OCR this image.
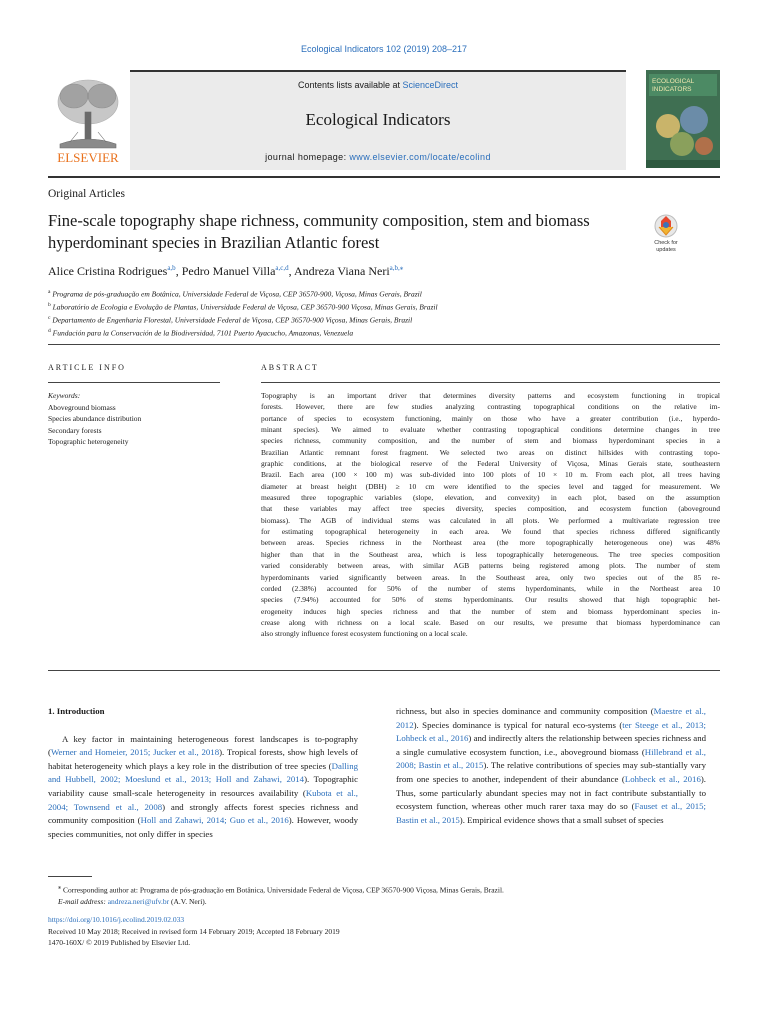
Ecological Indicators 102 (2019) 208–217
ELSEVIER
Contents lists available at ScienceDirect
Ecological Indicators
journal homepage: www.elsevier.com/locate/ecolind
ECOLOGICAL
INDICATORS
Original Articles
Fine-scale topography shape richness, community composition, stem and biomass hyperdominant species in Brazilian Atlantic forest	Check for
updates
Alice Cristina Rodrigues$^{a,b}$, Pedro Manuel Villa$^{a,c,d}$, Andreza Viana Neri$^{a,b,⁎}$
$^a$ Programa de pós-graduação em Botânica, Universidade Federal de Viçosa, CEP 36570-900, Viçosa, Minas Gerais, Brazil
$^b$ Laboratório de Ecologia e Evolução de Plantas, Universidade Federal de Viçosa, CEP 36570-900 Viçosa, Minas Gerais, Brazil
$^c$ Departamento de Engenharia Florestal, Universidade Federal de Viçosa, CEP 36570-900 Viçosa, Minas Gerais, Brazil
$^d$ Fundación para la Conservación de la Biodiversidad, 7101 Puerto Ayacucho, Amazonas, Venezuela
ARTICLE INFO
Keywords:
Aboveground biomass
Species abundance distribution
Secondary forests
Topographic heterogeneity
ABSTRACT
Topography is an important driver that determines diversity patterns and ecosystem functioning in tropical
forests. However, there are few studies analyzing contrasting topographical conditions on the relative im-
portance of species to ecosystem functioning, mainly on those who have a greater contribution (i.e., hyperdo-
minant species). We aimed to evaluate whether contrasting topographical conditions determine changes in tree
species richness, community composition, and the number of stem and biomass hyperdominant species in a
Brazilian Atlantic remnant forest fragment. We selected two areas on distinct hillsides with contrasting topo-
graphic conditions, at the biological reserve of the Federal University of Viçosa, Minas Gerais state, southeastern
Brazil. Each area (100 × 100 m) was sub-divided into 100 plots of 10 × 10 m. From each plot, all trees having
diameter at breast height (DBH) ≥ 10 cm were identified to the species level and tagged for measurement. We
measured three topographic variables (slope, elevation, and convexity) in each plot, based on the assumption
that these variables may affect tree species diversity, species composition, and ecosystem function (aboveground
biomass). The AGB of individual stems was calculated in all plots. We performed a multivariate regression tree
for estimating topographical heterogeneity in each area. We found that species richness differed significantly
between areas. Species richness in the Northeast area (the more topographically heterogeneous one) was 48%
higher than that in the Southeast area, which is less topographically heterogeneous. The tree species composition
varied considerably between areas, with similar AGB patterns being registered among plots. The number of stem
hyperdominants varied significantly between areas. In the Southeast area, only two species out of the 85 re-
corded (2.38%) accounted for 50% of the number of stems hyperdominants, while in the Northeast area 10
species (7.94%) accounted for 50% of stems hyperdominants. Our results showed that high topographic het-
erogeneity induces high species richness and that the number of stem and biomass hyperdominant species in-
crease along with richness on a local scale. Based on our results, we presume that biomass hyperdominance can
also strongly influence forest ecosystem functioning on a local scale.
1. Introduction

A key factor in maintaining heterogeneous forest landscapes is to-pography (Werner and Homeier, 2015; Jucker et al., 2018). Tropical forests, show high levels of habitat heterogeneity which plays a key role in the distribution of tree species (Dalling and Hubbell, 2002; Moeslund et al., 2013; Holl and Zahawi, 2014). Topographic variability cause small-scale heterogeneity in resources availability (Kubota et al., 2004; Townsend et al., 2008) and strongly affects forest species richness and community composition (Holl and Zahawi, 2014; Guo et al., 2016). However, woody species communities, not only differ in species

richness, but also in species dominance and community composition (Maestre et al., 2012). Species dominance is typical for natural eco-systems (ter Steege et al., 2013; Lohbeck et al., 2016) and indirectly alters the relationship between species richness and a single cumulative ecosystem function, i.e., aboveground biomass (Hillebrand et al., 2008; Bastin et al., 2015). The relative contributions of species may sub-stantially vary from one species to another, independent of their abundance (Lohbeck et al., 2016). Thus, some particularly abundant species may not in fact contribute substantially to ecosystem function, whereas other much rarer taxa may do so (Fauset et al., 2015; Bastin et al., 2015). Empirical evidence shows that a small subset of species

⁎ Corresponding author at: Programa de pós-graduação em Botânica, Universidade Federal de Viçosa, CEP 36570-900 Viçosa, Minas Gerais, Brazil.
E-mail address: andreza.neri@ufv.br (A.V. Neri).
https://doi.org/10.1016/j.ecolind.2019.02.033
Received 10 May 2018; Received in revised form 14 February 2019; Accepted 18 February 2019
1470-160X/ © 2019 Published by Elsevier Ltd.
